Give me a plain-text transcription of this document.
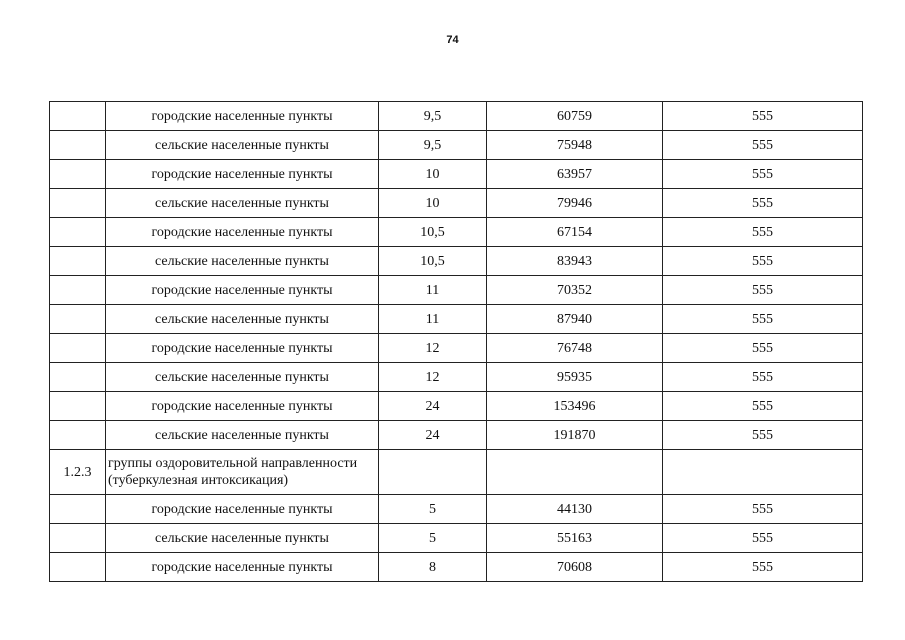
74
	городские населенные пункты	9,5	60759	555
	сельские населенные пункты	9,5	75948	555
	городские населенные пункты	10	63957	555
	сельские населенные пункты	10	79946	555
	городские населенные пункты	10,5	67154	555
	сельские населенные пункты	10,5	83943	555
	городские населенные пункты	11	70352	555
	сельские населенные пункты	11	87940	555
	городские населенные пункты	12	76748	555
	сельские населенные пункты	12	95935	555
	городские населенные пункты	24	153496	555
	сельские населенные пункты	24	191870	555
1.2.3	группы оздоровительной направленности (туберкулезная интоксикация)			
	городские населенные пункты	5	44130	555
	сельские населенные пункты	5	55163	555
	городские населенные пункты	8	70608	555
